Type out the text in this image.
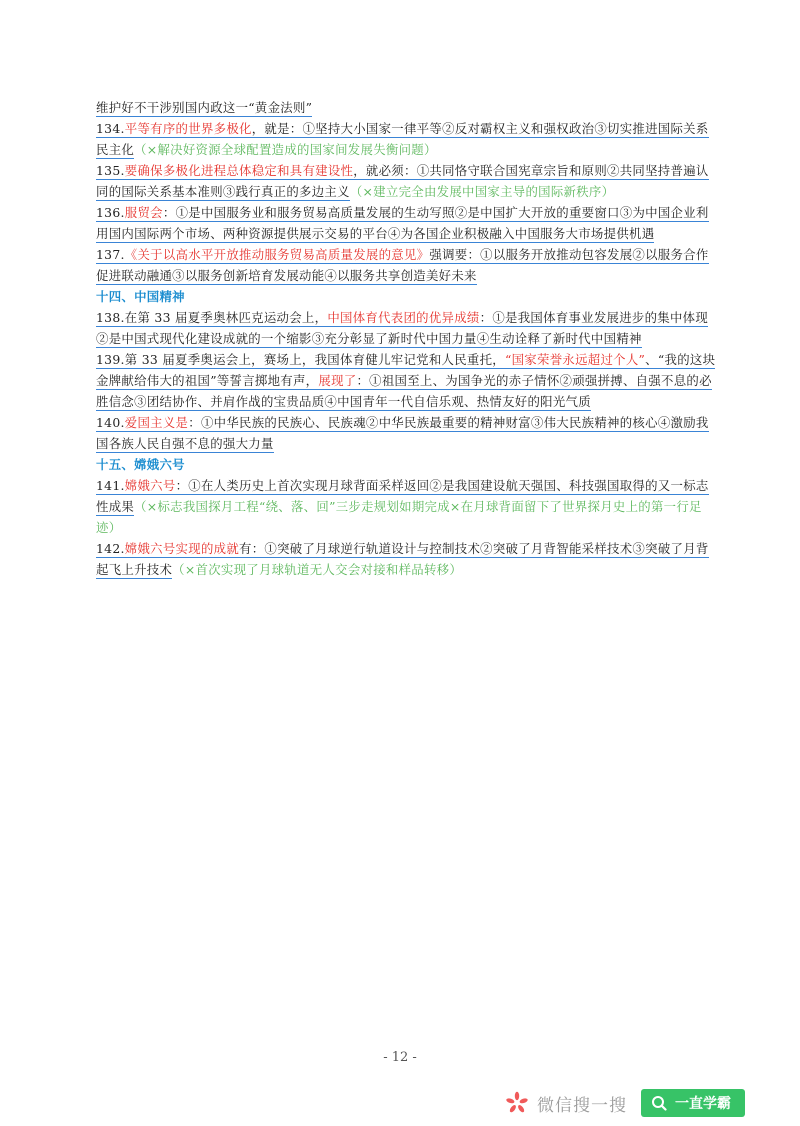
维护好不干涉别国内政这一“黄金法则”

134.平等有序的世界多极化，就是：①坚持大小国家一律平等②反对霸权主义和强权政治③切实推进国际关系民主化（×解决好资源全球配置造成的国家间发展失衡问题）

135.要确保多极化进程总体稳定和具有建设性，就必须：①共同恪守联合国宪章宗旨和原则②共同坚持普遍认同的国际关系基本准则③践行真正的多边主义（×建立完全由发展中国家主导的国际新秩序）

136.服贸会：①是中国服务业和服务贸易高质量发展的生动写照②是中国扩大开放的重要窗口③为中国企业利用国内国际两个市场、两种资源提供展示交易的平台④为各国企业积极融入中国服务大市场提供机遇

137.《关于以高水平开放推动服务贸易高质量发展的意见》强调要：①以服务开放推动包容发展②以服务合作促进联动融通③以服务创新培育发展动能④以服务共享创造美好未来

十四、中国精神

138.在第 33 届夏季奥林匹克运动会上，中国体育代表团的优异成绩：①是我国体育事业发展进步的集中体现②是中国式现代化建设成就的一个缩影③充分彰显了新时代中国力量④生动诠释了新时代中国精神

139.第 33 届夏季奥运会上，赛场上，我国体育健儿牢记党和人民重托，“国家荣誉永远超过个人”、“我的这块金牌献给伟大的祖国”等誓言掷地有声，展现了：①祖国至上、为国争光的赤子情怀②顽强拼搏、自强不息的必胜信念③团结协作、并肩作战的宝贵品质④中国青年一代自信乐观、热情友好的阳光气质

140.爱国主义是：①中华民族的民族心、民族魂②中华民族最重要的精神财富③伟大民族精神的核心④激励我国各族人民自强不息的强大力量

十五、嫦娥六号

141.嫦娥六号：①在人类历史上首次实现月球背面采样返回②是我国建设航天强国、科技强国取得的又一标志性成果（×标志我国探月工程“绕、落、回”三步走规划如期完成×在月球背面留下了世界探月史上的第一行足迹）

142.嫦娥六号实现的成就有：①突破了月球逆行轨道设计与控制技术②突破了月背智能采样技术③突破了月背起飞上升技术（×首次实现了月球轨道无人交会对接和样品转移）

- 12 -
微信搜一搜	一直学霸
